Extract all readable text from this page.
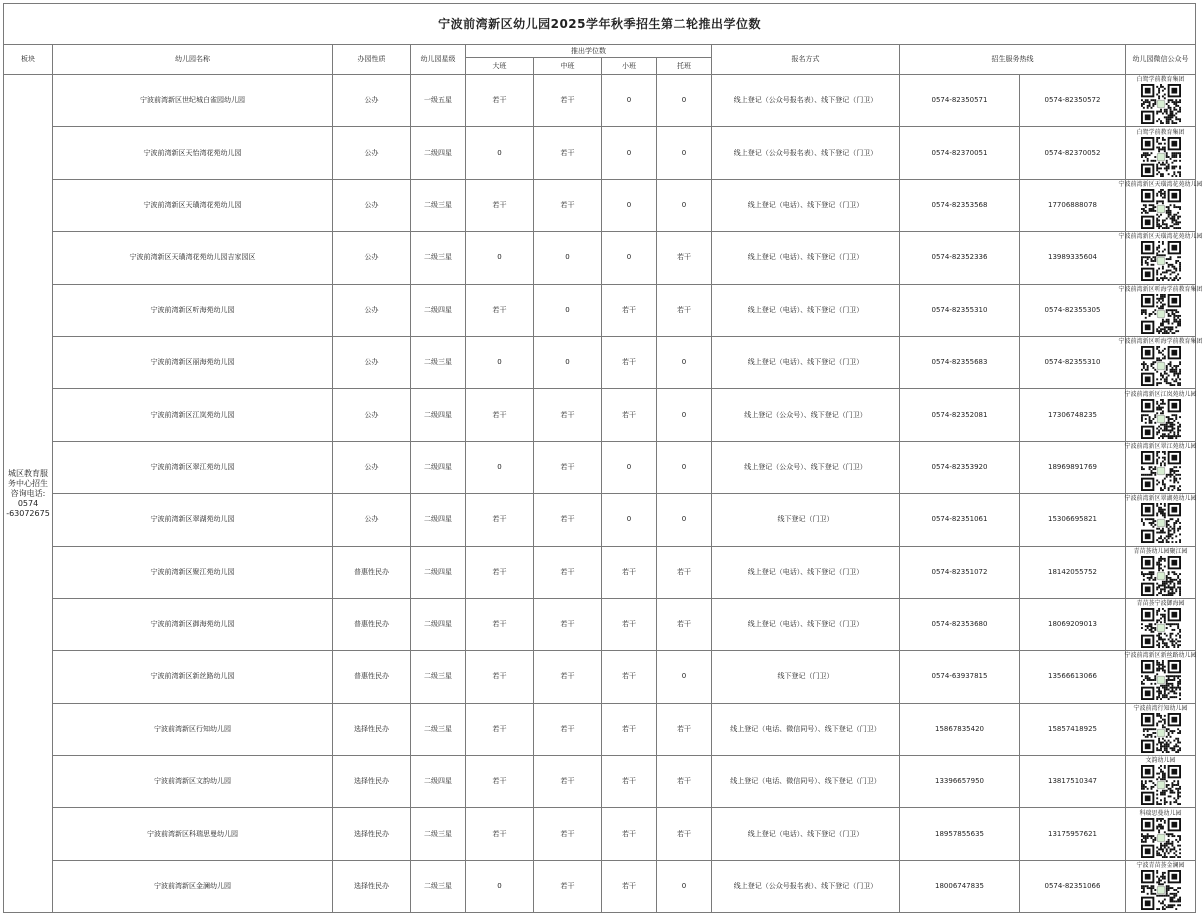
宁波前湾新区幼儿园2025学年秋季招生第二轮推出学位数											
板块	幼儿园名称	办园性质	幼儿园星级	推出学位数				报名方式	招生服务热线		幼儿园微信公众号
				大班	中班	小班	托班				
城区教育服务中心招生咨询电话: 0574 -63072675	宁波前湾新区世纪城白雀园幼儿园	公办	一级五星	若干	若干	0	0	线上登记（公众号报名表）、线下登记（门卫）	0574-82350571	0574-82350572	白鸳学前教育集团

	宁波前湾新区天怡湾花苑幼儿园	公办	二级四星	0	若干	0	0	线上登记（公众号报名表）、线下登记（门卫）	0574-82370051	0574-82370052	白鸳学前教育集团

	宁波前湾新区天璜湾花苑幼儿园	公办	二级三星	若干	若干	0	0	线上登记（电话）、线下登记（门卫）	0574-82353568	17706888078	宁波前湾新区天璜湾花苑幼儿园

	宁波前湾新区天璜湾花苑幼儿园吉家园区	公办	二级三星	0	0	0	若干	线上登记（电话）、线下登记（门卫）	0574-82352336	13989335604	宁波前湾新区天璜湾花苑幼儿园

	宁波前湾新区听海苑幼儿园	公办	二级四星	若干	0	若干	若干	线上登记（电话）、线下登记（门卫）	0574-82355310	0574-82355305	宁波前湾新区听海学前教育集团

	宁波前湾新区丽海苑幼儿园	公办	二级三星	0	0	若干	0	线上登记（电话）、线下登记（门卫）	0574-82355683	0574-82355310	宁波前湾新区听海学前教育集团

	宁波前湾新区江岚苑幼儿园	公办	二级四星	若干	若干	若干	0	线上登记（公众号）、线下登记（门卫）	0574-82352081	17306748235	宁波前湾新区江岚苑幼儿园

	宁波前湾新区翠江苑幼儿园	公办	二级四星	0	若干	0	0	线上登记（公众号）、线下登记（门卫）	0574-82353920	18969891769	宁波前湾新区翠江苑幼儿园

	宁波前湾新区翠湖苑幼儿园	公办	二级四星	若干	若干	0	0	线下登记（门卫）	0574-82351061	15306695821	宁波前湾新区翠湖苑幼儿园

	宁波前湾新区聚江苑幼儿园	普惠性民办	二级四星	若干	若干	若干	若干	线上登记（电话）、线下登记（门卫）	0574-82351072	18142055752	青苗荟幼儿园聚江园

	宁波前湾新区御海苑幼儿园	普惠性民办	二级四星	若干	若干	若干	若干	线上登记（电话）、线下登记（门卫）	0574-82353680	18069209013	青苗荟宁波御海园

	宁波前湾新区新丝路幼儿园	普惠性民办	二级三星	若干	若干	若干	0	线下登记（门卫）	0574-63937815	13566613066	宁波前湾新区新丝路幼儿园

	宁波前湾新区行知幼儿园	选择性民办	二级三星	若干	若干	若干	若干	线上登记（电话、微信同号）、线下登记（门卫）	15867835420	15857418925	宁波前湾行知幼儿园

	宁波前湾新区文韵幼儿园	选择性民办	二级四星	若干	若干	若干	若干	线上登记（电话、微信同号）、线下登记（门卫）	13396657950	13817510347	文韵幼儿园

	宁波前湾新区科瑞思曼幼儿园	选择性民办	二级三星	若干	若干	若干	若干	线上登记（电话）、线下登记（门卫）	18957855635	13175957621	科瑞思曼幼儿园

	宁波前湾新区金澜幼儿园	选择性民办	二级三星	0	若干	若干	0	线上登记（公众号报名表）、线下登记（门卫）	18006747835	0574-82351066	宁波青苗荟金澜园
